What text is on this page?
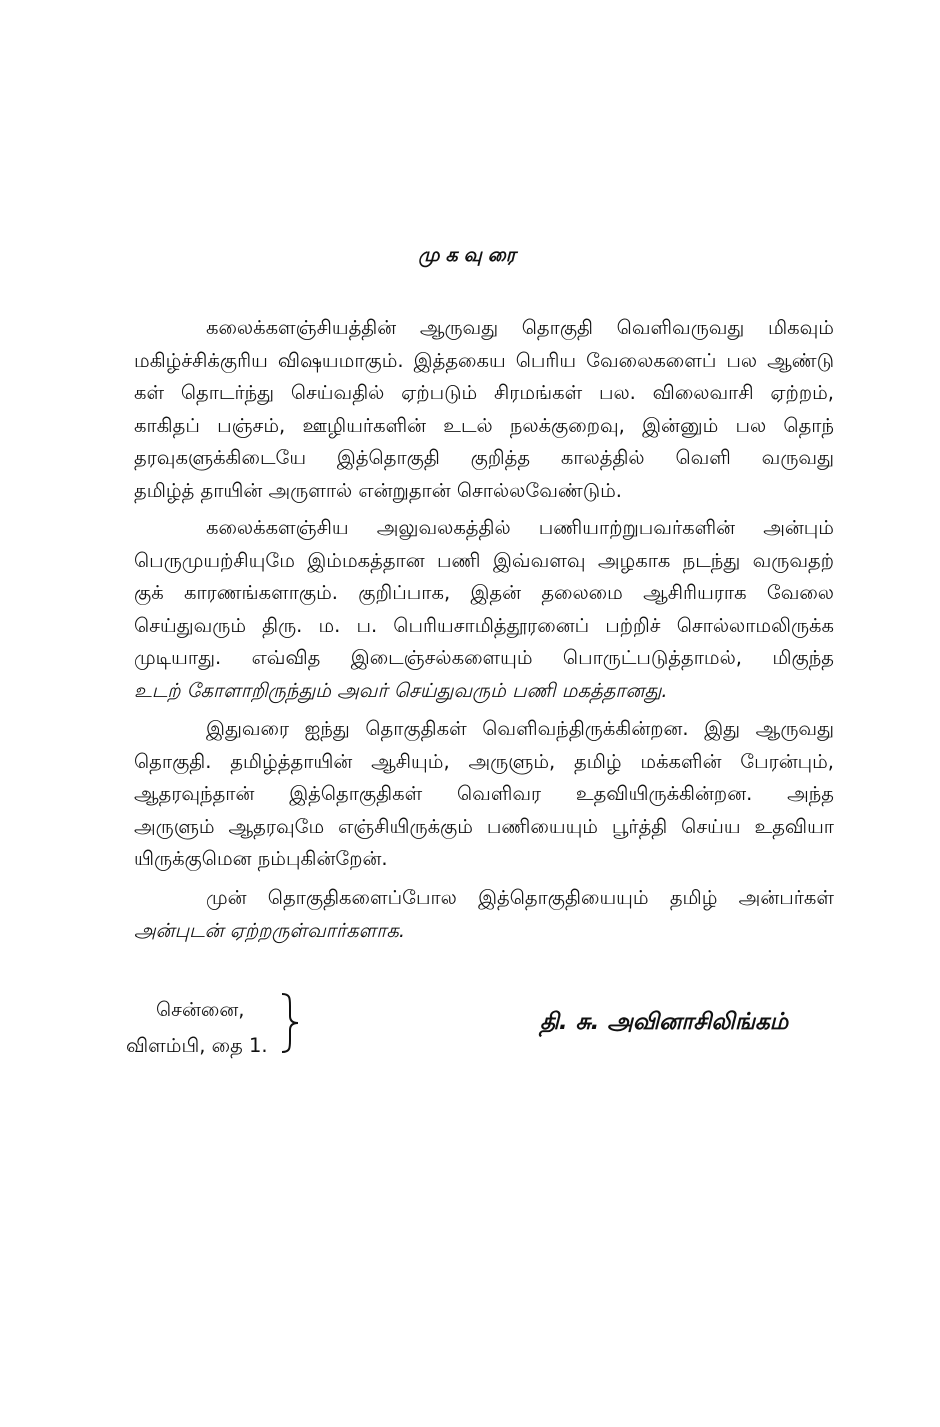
முகவுரை
கலைக்களஞ்சியத்தின் ஆருவது தொகுதி வெளிவருவது மிகவும்
மகிழ்ச்சிக்குரிய விஷயமாகும். இத்தகைய பெரிய வேலைகளைப் பல ஆண்டு
கள் தொடர்ந்து செய்வதில் ஏற்படும் சிரமங்கள் பல. விலைவாசி ஏற்றம்,
காகிதப் பஞ்சம், ஊழியர்களின் உடல் நலக்குறைவு, இன்னும் பல தொந்
தரவுகளுக்கிடையே இத்தொகுதி குறித்த காலத்தில் வெளி வருவது
தமிழ்த் தாயின் அருளால் என்றுதான் சொல்லவேண்டும்.
கலைக்களஞ்சிய அலுவலகத்தில் பணியாற்றுபவர்களின் அன்பும்
பெருமுயற்சியுமே இம்மகத்தான பணி இவ்வளவு அழகாக நடந்து வருவதற்
குக் காரணங்களாகும். குறிப்பாக, இதன் தலைமை ஆசிரியராக வேலை
செய்துவரும் திரு. ம. ப. பெரியசாமித்தூரனைப் பற்றிச் சொல்லாமலிருக்க
முடியாது. எவ்வித இடைஞ்சல்களையும் பொருட்படுத்தாமல், மிகுந்த
உடற் கோளாறிருந்தும் அவர் செய்துவரும் பணி மகத்தானது.
இதுவரை ஐந்து தொகுதிகள் வெளிவந்திருக்கின்றன. இது ஆருவது
தொகுதி. தமிழ்த்தாயின் ஆசியும், அருளும், தமிழ் மக்களின் பேரன்பும்,
ஆதரவுந்தான் இத்தொகுதிகள் வெளிவர உதவியிருக்கின்றன. அந்த
அருளும் ஆதரவுமே எஞ்சியிருக்கும் பணியையும் பூர்த்தி செய்ய உதவியா
யிருக்குமென நம்புகின்றேன்.
முன் தொகுதிகளைப்போல இத்தொகுதியையும் தமிழ் அன்பர்கள்
அன்புடன் ஏற்றருள்வார்களாக.
சென்னை,
விளம்பி, தை 1.
தி. சு. அவினாசிலிங்கம்
